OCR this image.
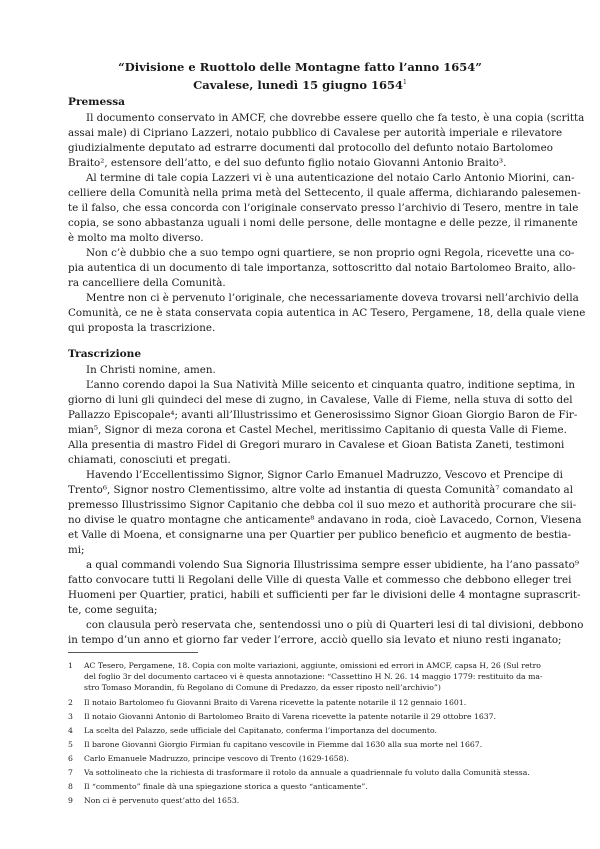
“Divisione e Ruottolo delle Montagne fatto l’anno 1654”
Cavalese, lunedì 15 giugno 1654$^1$
Premessa
Il documento conservato in AMCF, che dovrebbe essere quello che fa testo, è una copia (scritta
assai male) di Cipriano Lazzeri, notaio pubblico di Cavalese per autorità imperiale e rilevatore
giudizialmente deputato ad estrarre documenti dal protocollo del defunto notaio Bartolomeo
Braito², estensore dell’atto, e del suo defunto figlio notaio Giovanni Antonio Braito³.
Al termine di tale copia Lazzeri vi è una autenticazione del notaio Carlo Antonio Miorini, can-
celliere della Comunità nella prima metà del Settecento, il quale afferma, dichiarando palesemen-
te il falso, che essa concorda con l’originale conservato presso l’archivio di Tesero, mentre in tale
copia, se sono abbastanza uguali i nomi delle persone, delle montagne e delle pezze, il rimanente
è molto ma molto diverso.
Non c’è dubbio che a suo tempo ogni quartiere, se non proprio ogni Regola, ricevette una co-
pia autentica di un documento di tale importanza, sottoscritto dal notaio Bartolomeo Braito, allo-
ra cancelliere della Comunità.
Mentre non ci è pervenuto l’originale, che necessariamente doveva trovarsi nell’archivio della
Comunità, ce ne è stata conservata copia autentica in AC Tesero, Pergamene, 18, della quale viene
qui proposta la trascrizione.
Trascrizione
In Christi nomine, amen.
L’anno corendo dapoi la Sua Natività Mille seicento et cinquanta quatro, inditione septima, in
giorno di luni gli quindeci del mese di zugno, in Cavalese, Valle di Fieme, nella stuva di sotto del
Pallazzo Episcopale⁴; avanti all’Illustrissimo et Generosissimo Signor Gioan Giorgio Baron de Fir-
mian⁵, Signor di meza corona et Castel Mechel, meritissimo Capitanio di questa Valle di Fieme.
Alla presentia di mastro Fidel di Gregori muraro in Cavalese et Gioan Batista Zaneti, testimoni
chiamati, conosciuti et pregati.
Havendo l’Eccellentissimo Signor, Signor Carlo Emanuel Madruzzo, Vescovo et Prencipe di
Trento⁶, Signor nostro Clementissimo, altre volte ad instantia di questa Comunità⁷ comandato al
premesso Illustrissimo Signor Capitanio che debba col il suo mezo et authorità procurare che sii-
no divise le quatro montagne che anticamente⁸ andavano in roda, cioè Lavacedo, Cornon, Viesena
et Valle di Moena, et consignarne una per Quartier per publico beneficio et augmento de bestia-
mi;
a qual commandi volendo Sua Signoria Illustrissima sempre esser ubidiente, ha l’ano passato⁹
fatto convocare tutti li Regolani delle Ville di questa Valle et commesso che debbono elleger trei
Huomeni per Quartier, pratici, habili et sufficienti per far le divisioni delle 4 montagne suprascrit-
te, come seguita;
con clausula però reservata che, sentendossi uno o più di Quarteri lesi di tal divisioni, debbono
in tempo d’un anno et giorno far veder l’errore, acciò quello sia levato et niuno resti inganato;
1 AC Tesero, Pergamene, 18. Copia con molte variazioni, aggiunte, omissioni ed errori in AMCF, capsa H, 26 (Sul retro
del foglio 3r del documento cartaceo vi è questa annotazione: “Cassettino H N. 26. 14 maggio 1779: restituito da ma-
stro Tomaso Morandin, fù Regolano di Comune di Predazzo, da esser riposto nell’archivio”)
2 Il notaio Bartolomeo fu Giovanni Braito di Varena ricevette la patente notarile il 12 gennaio 1601.
3 Il notaio Giovanni Antonio di Bartolomeo Braito di Varena ricevette la patente notarile il 29 ottobre 1637.
4 La scelta del Palazzo, sede ufficiale del Capitanato, conferma l’importanza del documento.
5 Il barone Giovanni Giorgio Firmian fu capitano vescovile in Fiemme dal 1630 alla sua morte nel 1667.
6 Carlo Emanuele Madruzzo, principe vescovo di Trento (1629-1658).
7 Va sottolineato che la richiesta di trasformare il rotolo da annuale a quadriennale fu voluto dalla Comunità stessa.
8 Il “commento” finale dà una spiegazione storica a questo “anticamente”.
9 Non ci è pervenuto quest’atto del 1653.
